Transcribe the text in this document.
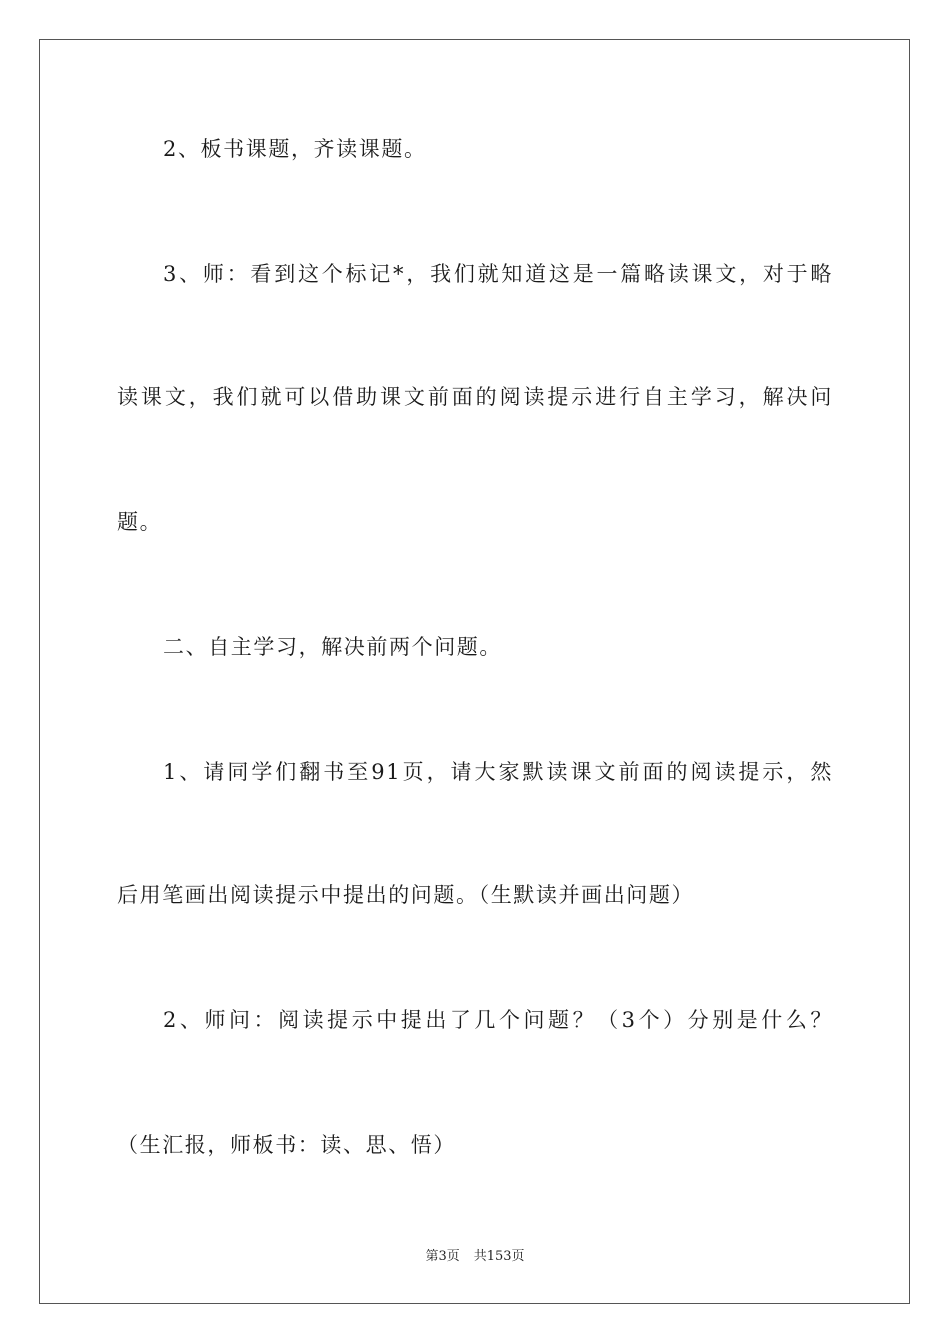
2、板书课题，齐读课题。
3、师：看到这个标记*，我们就知道这是一篇略读课文，对于略
读课文，我们就可以借助课文前面的阅读提示进行自主学习，解决问
题。
二、自主学习，解决前两个问题。
1、请同学们翻书至91页，请大家默读课文前面的阅读提示，然
后用笔画出阅读提示中提出的问题。（生默读并画出问题）
2、师问：阅读提示中提出了几个问题？（3个）分别是什么？
（生汇报，师板书：读、思、悟）
第3页 共153页
